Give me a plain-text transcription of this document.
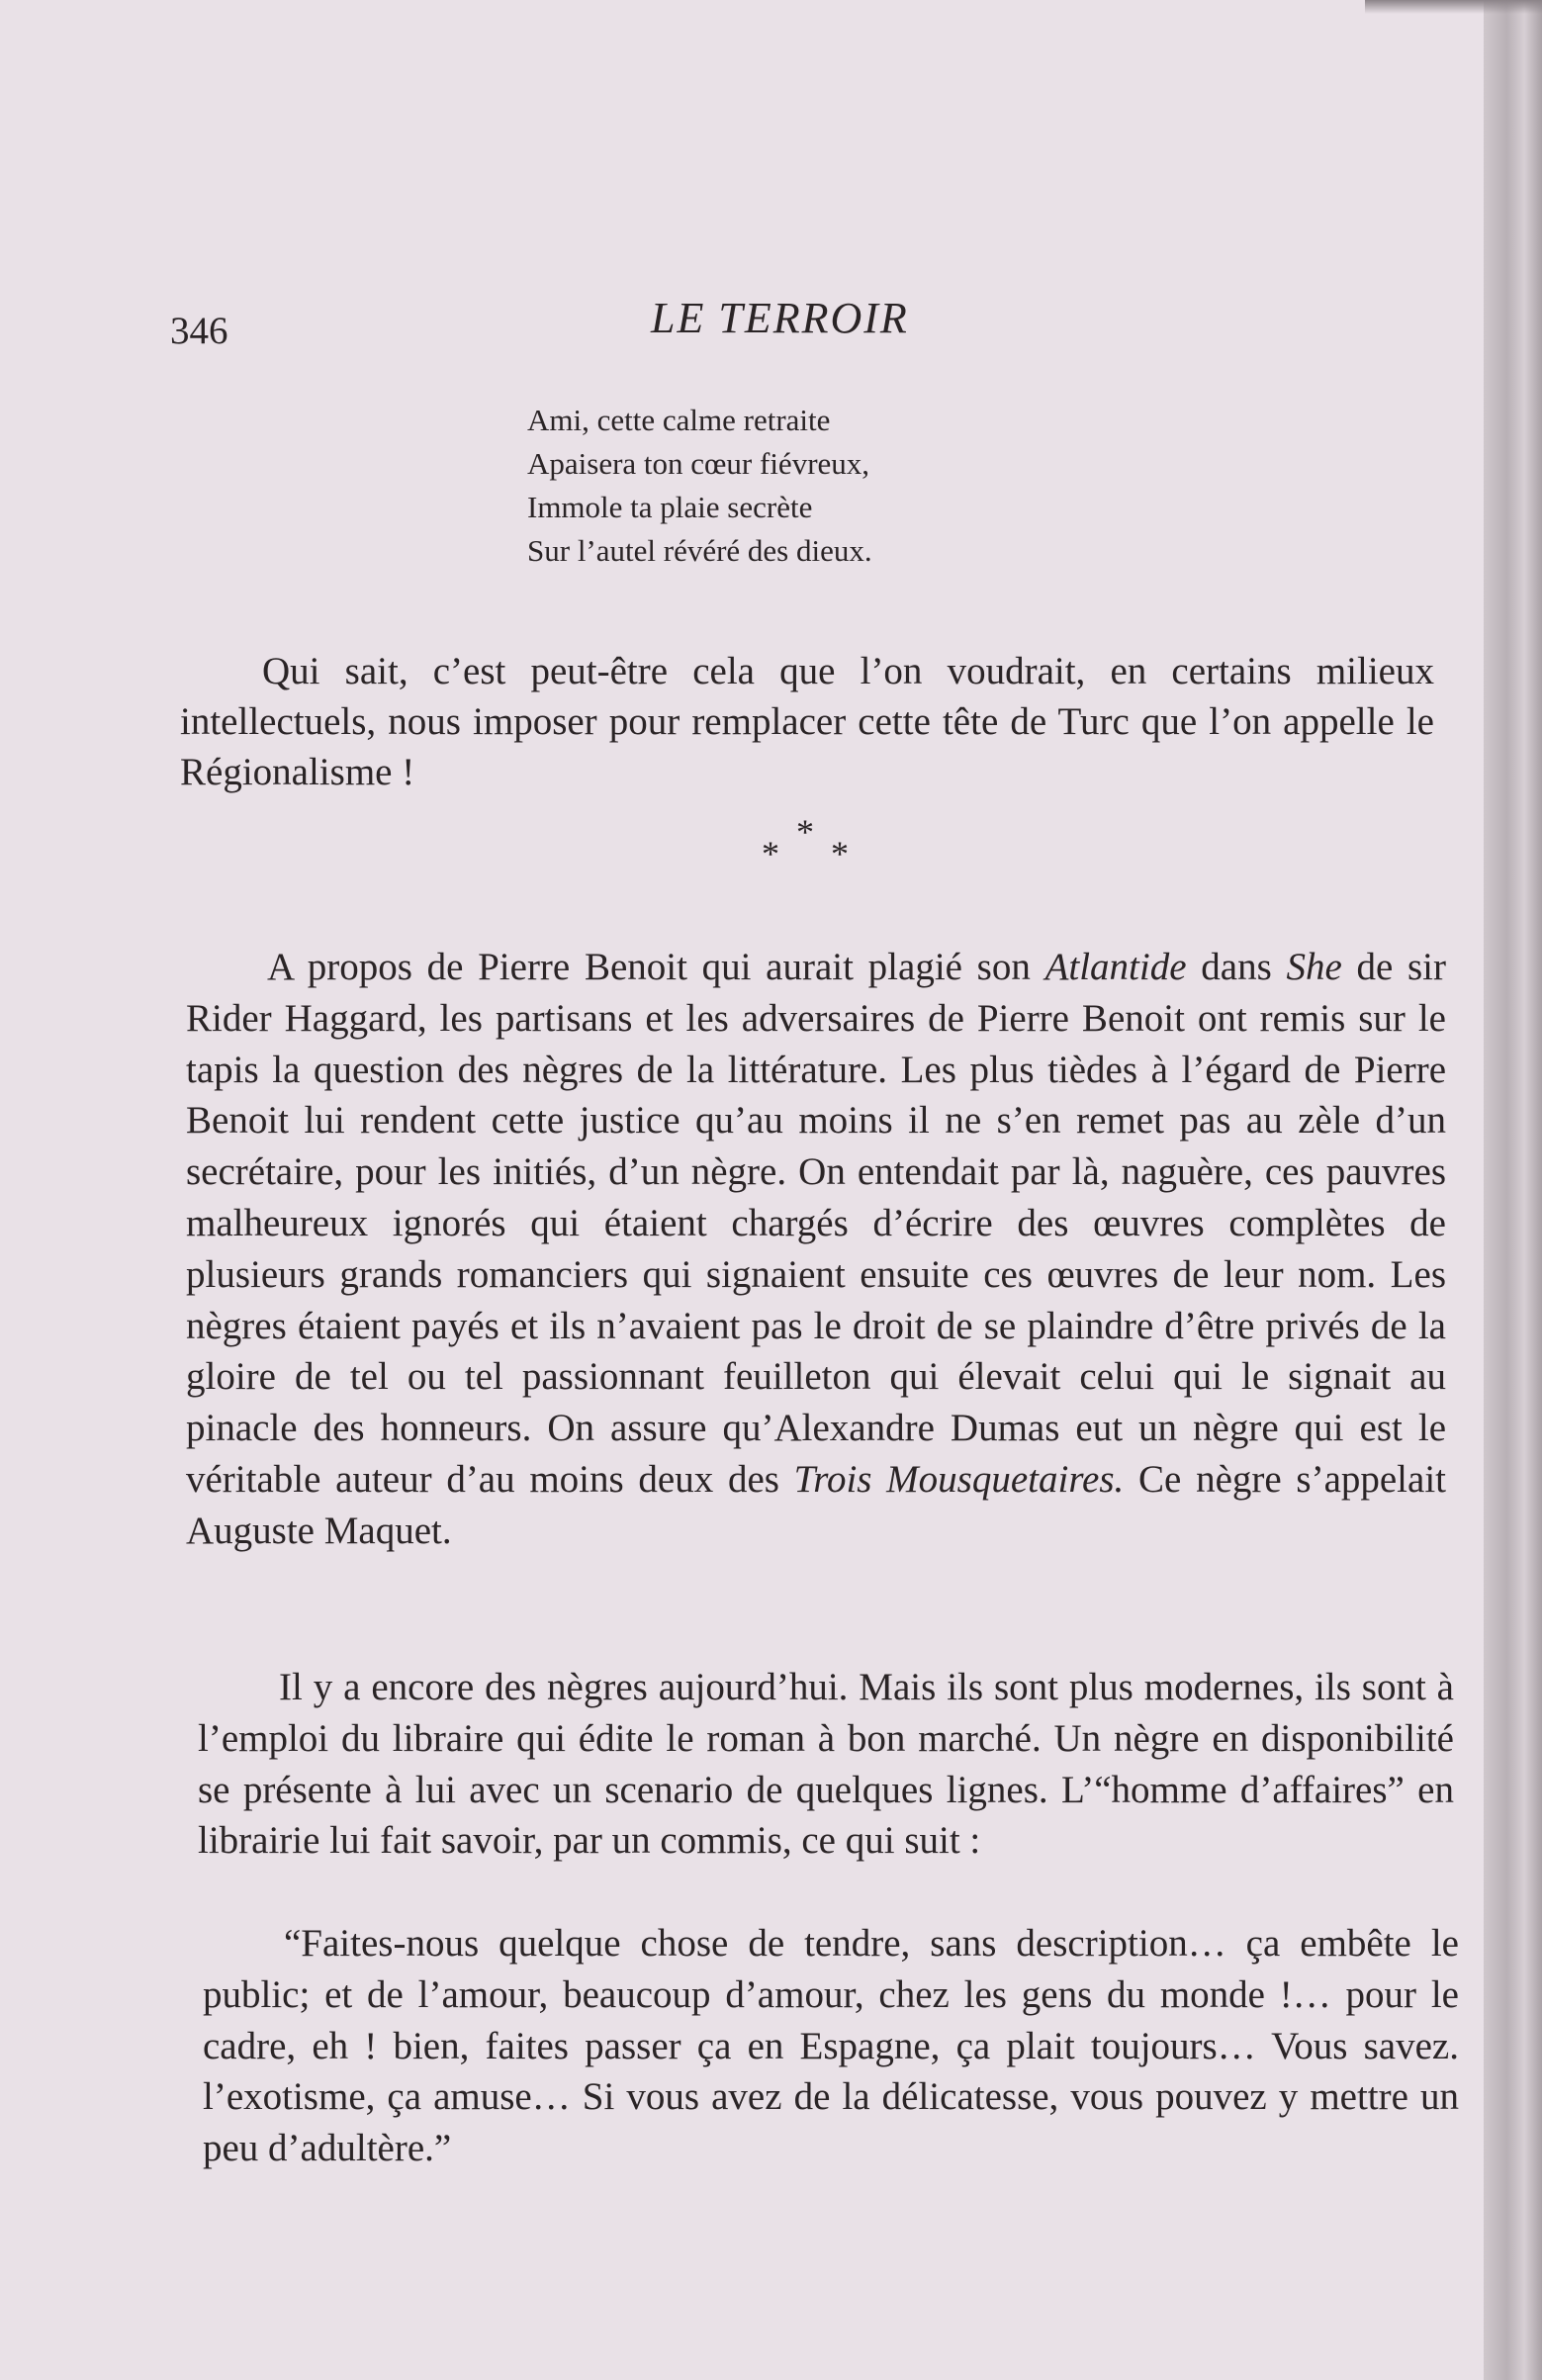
346	LE TERROIR
Ami, cette calme retraite
Apaisera ton cœur fiévreux,
Immole ta plaie secrète
Sur l’autel révéré des dieux.

Qui sait, c’est peut-être cela que l’on voudrait, en certains milieux intellectuels, nous imposer pour remplacer cette tête de Turc que l’on appelle le Régionalisme !

*
*
*

A propos de Pierre Benoit qui aurait plagié son Atlantide dans She de sir Rider Haggard, les partisans et les adversaires de Pierre Benoit ont remis sur le tapis la question des nègres de la littérature. Les plus tièdes à l’égard de Pierre Benoit lui rendent cette justice qu’au moins il ne s’en remet pas au zèle d’un secrétaire, pour les initiés, d’un nègre. On entendait par là, naguère, ces pauvres malheureux ignorés qui étaient chargés d’écrire des œuvres complètes de plusieurs grands romanciers qui signaient ensuite ces œuvres de leur nom. Les nègres étaient payés et ils n’avaient pas le droit de se plaindre d’être privés de la gloire de tel ou tel passionnant feuilleton qui élevait celui qui le signait au pinacle des honneurs. On assure qu’Alexandre Dumas eut un nègre qui est le véritable auteur d’au moins deux des Trois Mousquetaires. Ce nègre s’appelait Auguste Maquet.

Il y a encore des nègres aujourd’hui. Mais ils sont plus modernes, ils sont à l’emploi du libraire qui édite le roman à bon marché. Un nègre en disponibilité se présente à lui avec un scenario de quelques lignes. L’“homme d’affaires” en librairie lui fait savoir, par un commis, ce qui suit :

“Faites-nous quelque chose de tendre, sans description… ça embête le public; et de l’amour, beaucoup d’amour, chez les gens du monde !… pour le cadre, eh ! bien, faites passer ça en Espagne, ça plait toujours… Vous savez. l’exotisme, ça amuse… Si vous avez de la délicatesse, vous pouvez y mettre un peu d’adultère.”
